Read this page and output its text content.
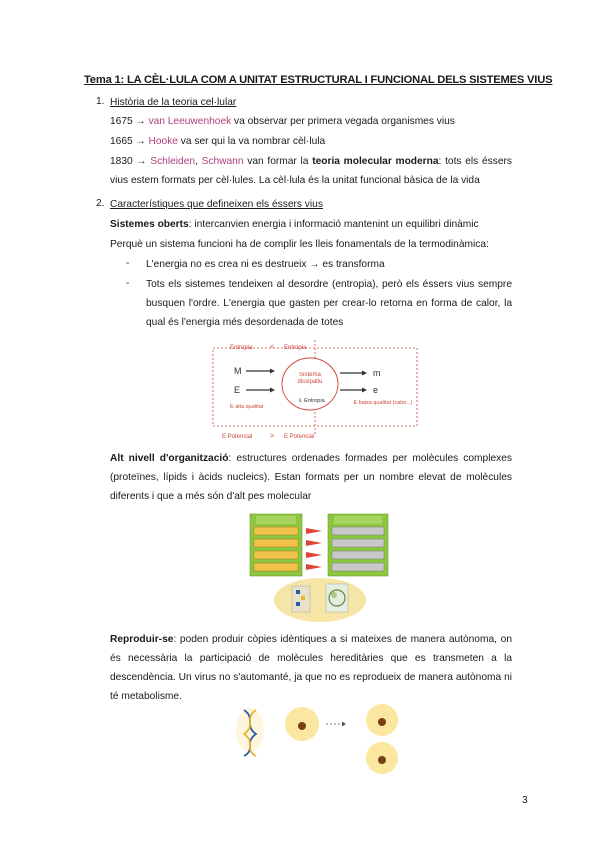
Tema 1: LA CÈL·LULA COM A UNITAT ESTRUCTURAL I FUNCIONAL DELS SISTEMES VIUS
1. Història de la teoria cel·lular
1675 → van Leeuwenhoek va observar per primera vegada organismes vius
1665 → Hooke va ser qui la va nombrar cèl·lula
1830 → Schleiden, Schwann van formar la teoria molecular moderna: tots els éssers vius estem formats per cèl·lules. La cèl·lula és la unitat funcional bàsica de la vida
2. Característiques que defineixen els éssers vius
Sistemes oberts: intercanvien energia i informació mantenint un equilibri dinàmic
Perquè un sistema funcioni ha de complir les lleis fonamentals de la termodinàmica:
- L'energia no es crea ni es destrueix → es transforma
- Tots els sistemes tendeixen al desordre (entropia), però els éssers vius sempre busquen l'ordre. L'energia que gasten per crear-lo retorna en forma de calor, la qual és l'energia més desordenada de totes
Entropia	< Entropia
M
E
E alta qualitat
Sistema dissipatiu
⇓ Entropia
m
e
E baixa qualitat (calor...)
E Potencial	> E Potencial
Alt nivell d'organització: estructures ordenades formades per molècules complexes (proteïnes, lípids i àcids nucleics). Estan formats per un nombre elevat de molècules diferents i que a més són d'alt pes molecular
Reproduir-se: poden produir còpies idèntiques a si mateixes de manera autònoma, on és necessària la participació de molècules hereditàries que es transmeten a la descendència. Un virus no s'automanté, ja que no es reprodueix de manera autònoma ni té metabolisme.
3
